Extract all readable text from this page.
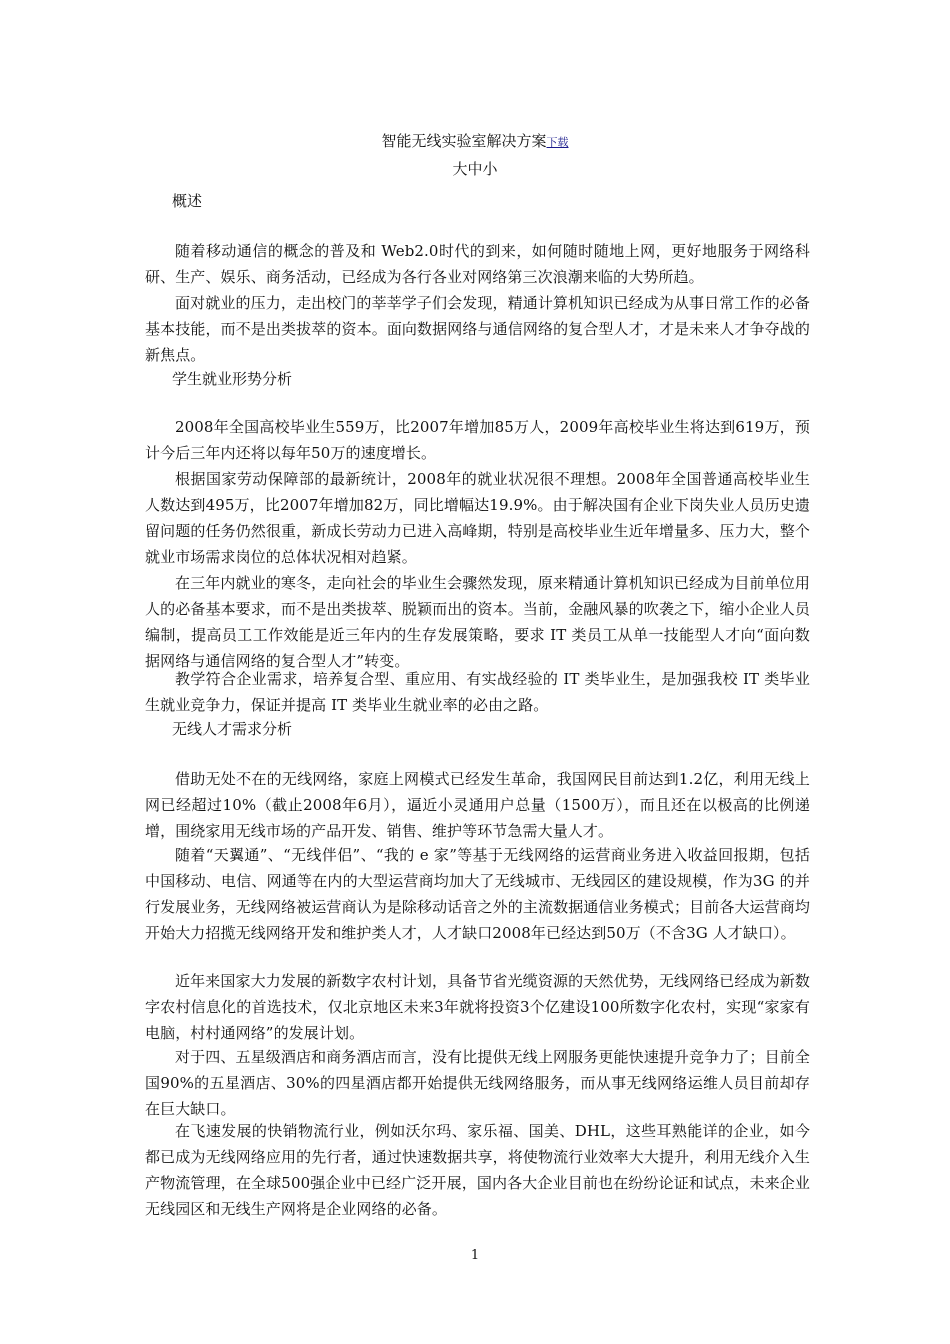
智能无线实验室解决方案下载
大中小
概述

随着移动通信的概念的普及和 Web2.0时代的到来，如何随时随地上网，更好地服务于网络科研、生产、娱乐、商务活动，已经成为各行各业对网络第三次浪潮来临的大势所趋。

面对就业的压力，走出校门的莘莘学子们会发现，精通计算机知识已经成为从事日常工作的必备基本技能，而不是出类拔萃的资本。面向数据网络与通信网络的复合型人才，才是未来人才争夺战的新焦点。

学生就业形势分析

2008年全国高校毕业生559万，比2007年增加85万人，2009年高校毕业生将达到619万，预计今后三年内还将以每年50万的速度增长。

根据国家劳动保障部的最新统计，2008年的就业状况很不理想。2008年全国普通高校毕业生人数达到495万，比2007年增加82万，同比增幅达19.9%。由于解决国有企业下岗失业人员历史遗留问题的任务仍然很重，新成长劳动力已进入高峰期，特别是高校毕业生近年增量多、压力大，整个就业市场需求岗位的总体状况相对趋紧。

在三年内就业的寒冬，走向社会的毕业生会骤然发现，原来精通计算机知识已经成为目前单位用人的必备基本要求，而不是出类拔萃、脱颖而出的资本。当前，金融风暴的吹袭之下，缩小企业人员编制，提高员工工作效能是近三年内的生存发展策略，要求 IT 类员工从单一技能型人才向“面向数据网络与通信网络的复合型人才”转变。

教学符合企业需求，培养复合型、重应用、有实战经验的 IT 类毕业生，是加强我校 IT 类毕业生就业竞争力，保证并提高 IT 类毕业生就业率的必由之路。

无线人才需求分析

借助无处不在的无线网络，家庭上网模式已经发生革命，我国网民目前达到1.2亿，利用无线上网已经超过10%（截止2008年6月），逼近小灵通用户总量（1500万），而且还在以极高的比例递增，围绕家用无线市场的产品开发、销售、维护等环节急需大量人才。

随着“天翼通”、“无线伴侣”、“我的 e 家”等基于无线网络的运营商业务进入收益回报期，包括中国移动、电信、网通等在内的大型运营商均加大了无线城市、无线园区的建设规模，作为3G 的并行发展业务，无线网络被运营商认为是除移动话音之外的主流数据通信业务模式；目前各大运营商均开始大力招揽无线网络开发和维护类人才，人才缺口2008年已经达到50万（不含3G 人才缺口）。

近年来国家大力发展的新数字农村计划，具备节省光缆资源的天然优势，无线网络已经成为新数字农村信息化的首选技术，仅北京地区未来3年就将投资3个亿建设100所数字化农村，实现“家家有电脑，村村通网络”的发展计划。

对于四、五星级酒店和商务酒店而言，没有比提供无线上网服务更能快速提升竞争力了；目前全国90%的五星酒店、30%的四星酒店都开始提供无线网络服务，而从事无线网络运维人员目前却存在巨大缺口。

在飞速发展的快销物流行业，例如沃尔玛、家乐福、国美、DHL，这些耳熟能详的企业，如今都已成为无线网络应用的先行者，通过快速数据共享，将使物流行业效率大大提升，利用无线介入生产物流管理，在全球500强企业中已经广泛开展，国内各大企业目前也在纷纷论证和试点，未来企业无线园区和无线生产网将是企业网络的必备。

1
